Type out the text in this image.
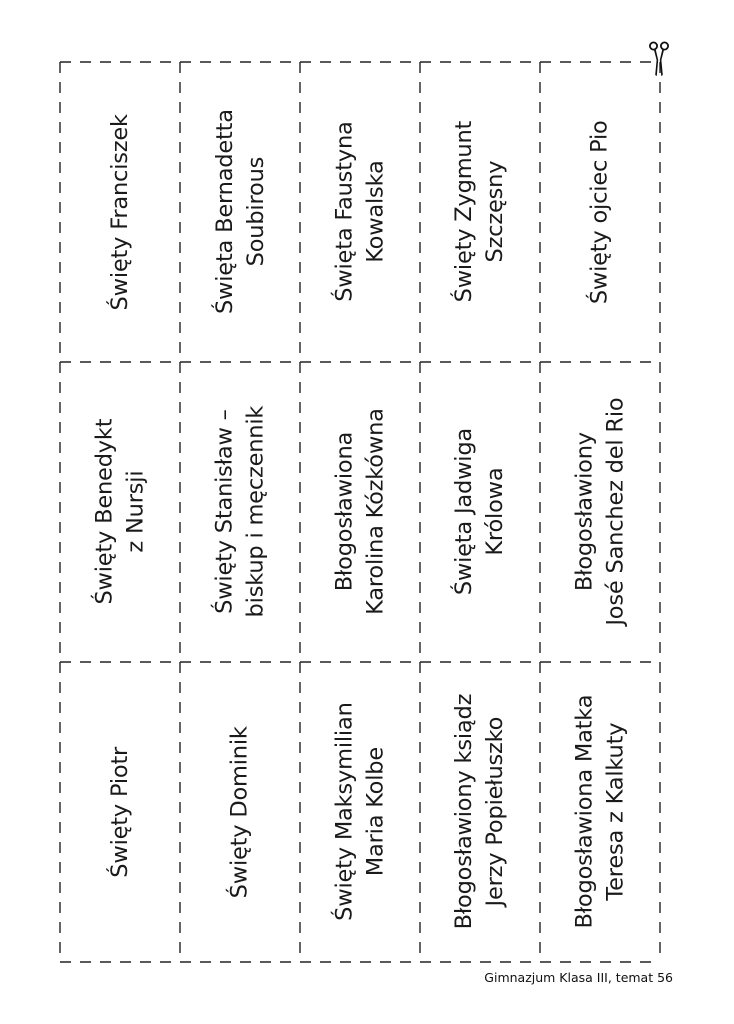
Święty Franciszek	Święta Bernadetta Soubirous	Święta Faustyna Kowalska	Święty Zygmunt Szczęsny	Święty ojciec Pio
Święty Benedykt z Nursji	Święty Stanisław – biskup i męczennik	Błogosławiona Karolina Kózkówna	Święta Jadwiga Królowa	Błogosławiony José Sanchez del Rio
Święty Piotr	Święty Dominik	Święty Maksymilian Maria Kolbe	Błogosławiony ksiądz Jerzy Popiełuszko	Błogosławiona Matka Teresa z Kalkuty
Gimnazjum Klasa III, temat 56
